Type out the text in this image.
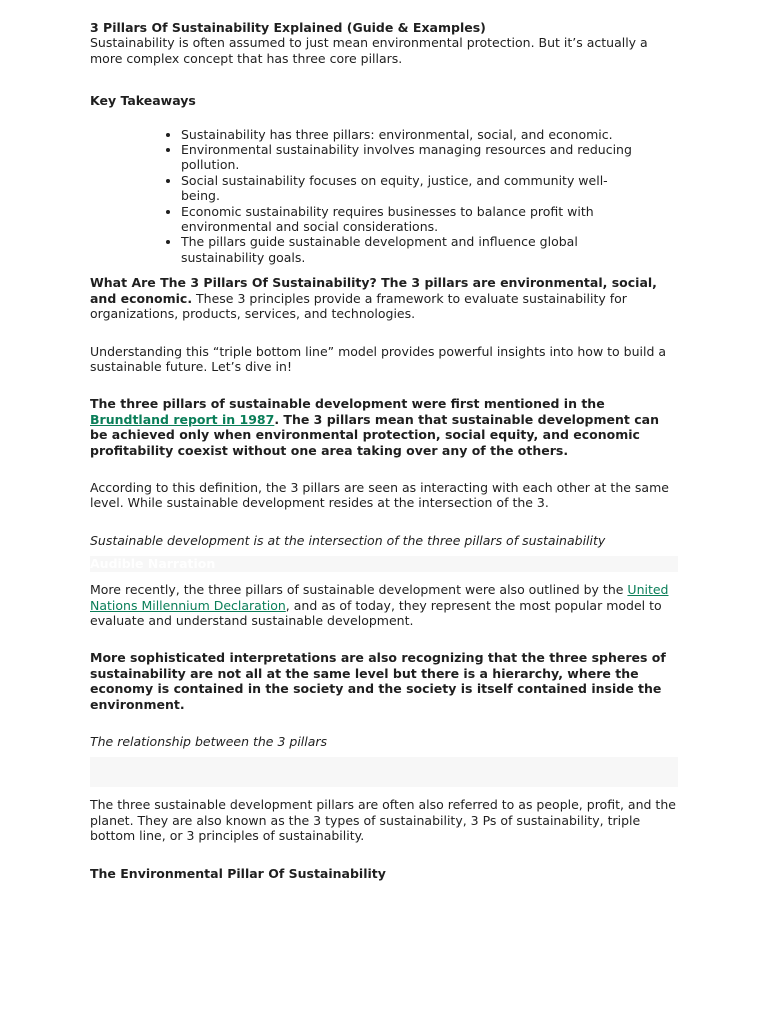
3 Pillars Of Sustainability Explained (Guide & Examples)

Sustainability is often assumed to just mean environmental protection. But it’s actually a more complex concept that has three core pillars.

Key Takeaways
• Sustainability has three pillars: environmental, social, and economic.
• Environmental sustainability involves managing resources and reducing pollution.
• Social sustainability focuses on equity, justice, and community well-being.
• Economic sustainability requires businesses to balance profit with environmental and social considerations.
• The pillars guide sustainable development and influence global sustainability goals.

What Are The 3 Pillars Of Sustainability? The 3 pillars are environmental, social, and economic. These 3 principles provide a framework to evaluate sustainability for organizations, products, services, and technologies.

Understanding this “triple bottom line” model provides powerful insights into how to build a sustainable future. Let’s dive in!

The three pillars of sustainable development were first mentioned in the Brundtland report in 1987. The 3 pillars mean that sustainable development can be achieved only when environmental protection, social equity, and economic profitability coexist without one area taking over any of the others.

According to this definition, the 3 pillars are seen as interacting with each other at the same level. While sustainable development resides at the intersection of the 3.

Sustainable development is at the intersection of the three pillars of sustainability

Audible Narration

More recently, the three pillars of sustainable development were also outlined by the United Nations Millennium Declaration, and as of today, they represent the most popular model to evaluate and understand sustainable development.

More sophisticated interpretations are also recognizing that the three spheres of sustainability are not all at the same level but there is a hierarchy, where the economy is contained in the society and the society is itself contained inside the environment.

The relationship between the 3 pillars

The three sustainable development pillars are often also referred to as people, profit, and the planet. They are also known as the 3 types of sustainability, 3 Ps of sustainability, triple bottom line, or 3 principles of sustainability.

The Environmental Pillar Of Sustainability
